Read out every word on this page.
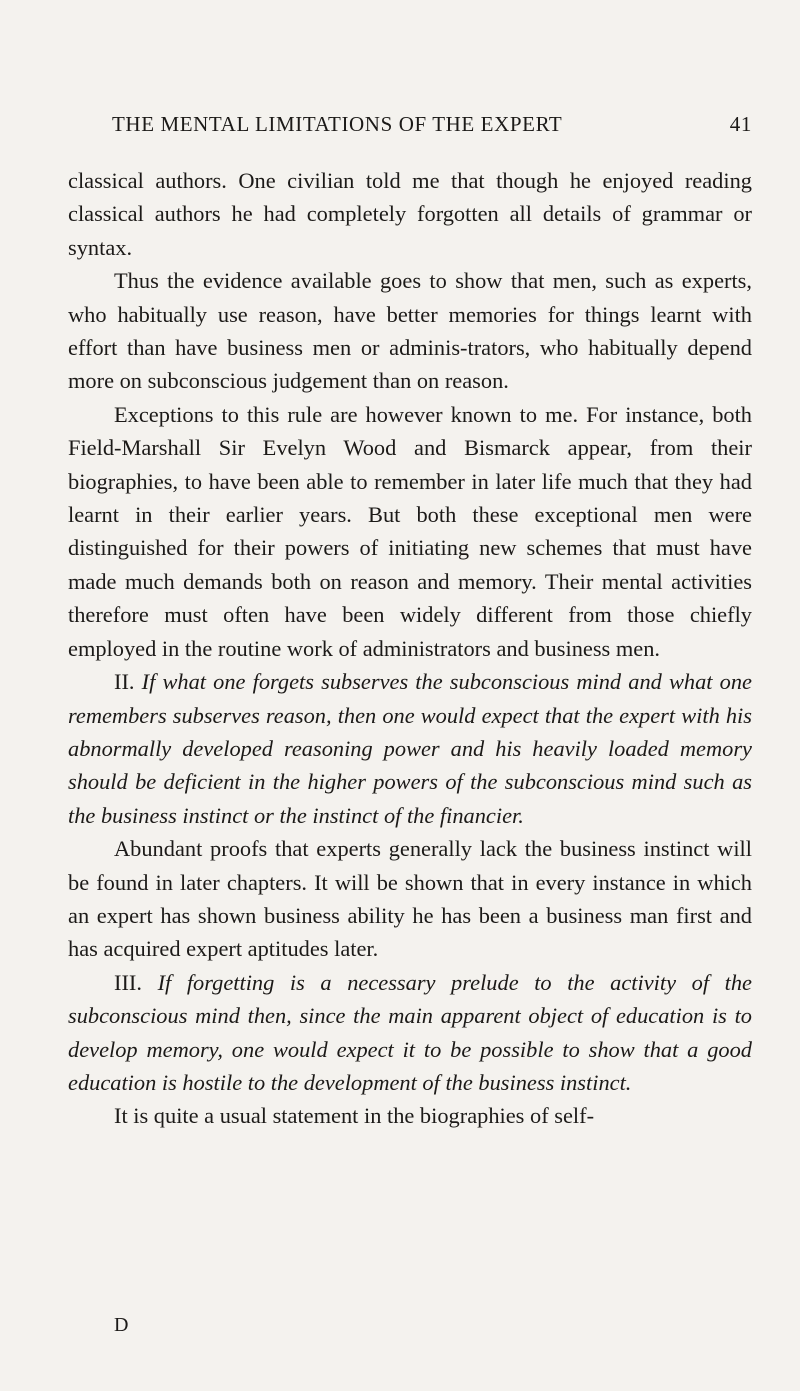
THE MENTAL LIMITATIONS OF THE EXPERT	41

classical authors. One civilian told me that though he enjoyed reading classical authors he had completely forgotten all details of grammar or syntax.

Thus the evidence available goes to show that men, such as experts, who habitually use reason, have better memories for things learnt with effort than have business men or adminis-trators, who habitually depend more on subconscious judgement than on reason.

Exceptions to this rule are however known to me. For instance, both Field-Marshall Sir Evelyn Wood and Bismarck appear, from their biographies, to have been able to remember in later life much that they had learnt in their earlier years. But both these exceptional men were distinguished for their powers of initiating new schemes that must have made much demands both on reason and memory. Their mental activities therefore must often have been widely different from those chiefly employed in the routine work of administrators and business men.

II. If what one forgets subserves the subconscious mind and what one remembers subserves reason, then one would expect that the expert with his abnormally developed reasoning power and his heavily loaded memory should be deficient in the higher powers of the subconscious mind such as the business instinct or the instinct of the financier.

Abundant proofs that experts generally lack the business instinct will be found in later chapters. It will be shown that in every instance in which an expert has shown business ability he has been a business man first and has acquired expert aptitudes later.

III. If forgetting is a necessary prelude to the activity of the subconscious mind then, since the main apparent object of education is to develop memory, one would expect it to be possible to show that a good education is hostile to the development of the business instinct.

It is quite a usual statement in the biographies of self-

D
